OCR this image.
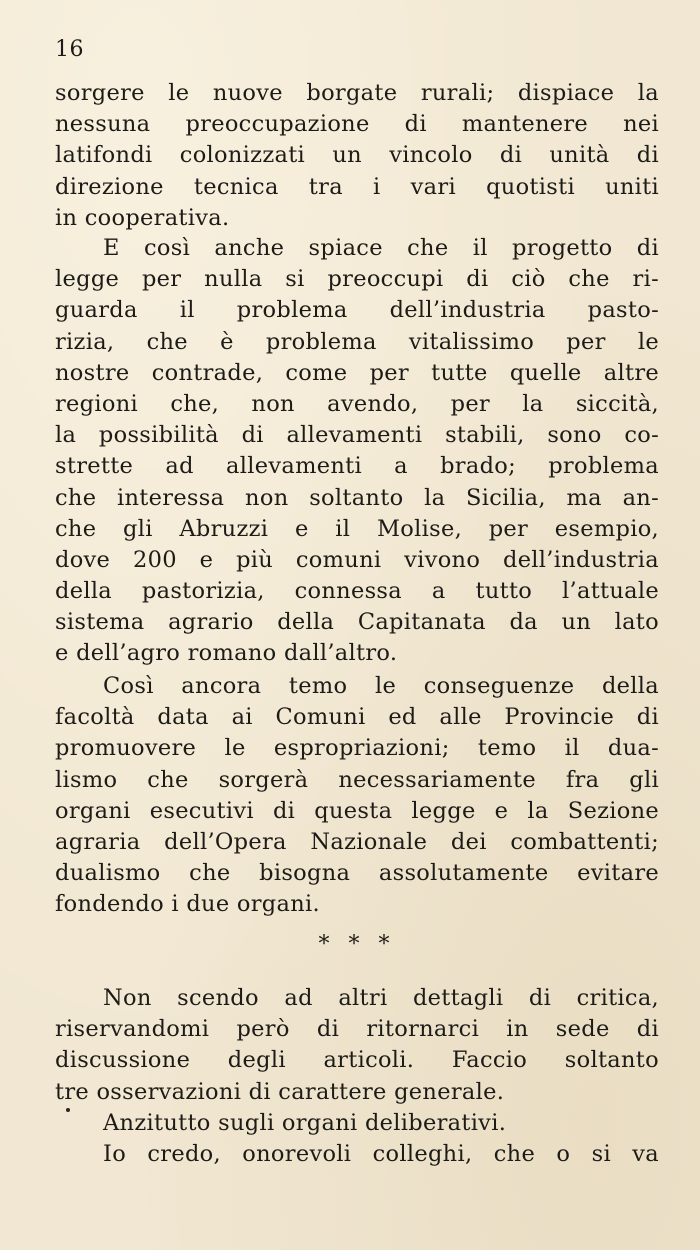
16
sorgere le nuove borgate rurali; dispiace la
nessuna preoccupazione di mantenere nei
latifondi colonizzati un vincolo di unità di
direzione tecnica tra i vari quotisti uniti
in cooperativa.
E così anche spiace che il progetto di
legge per nulla si preoccupi di ciò che ri-
guarda il problema dell’industria pasto-
rizia, che è problema vitalissimo per le
nostre contrade, come per tutte quelle altre
regioni che, non avendo, per la siccità,
la possibilità di allevamenti stabili, sono co-
strette ad allevamenti a brado; problema
che interessa non soltanto la Sicilia, ma an-
che gli Abruzzi e il Molise, per esempio,
dove 200 e più comuni vivono dell’industria
della pastorizia, connessa a tutto l’attuale
sistema agrario della Capitanata da un lato
e dell’agro romano dall’altro.
Così ancora temo le conseguenze della
facoltà data ai Comuni ed alle Provincie di
promuovere le espropriazioni; temo il dua-
lismo che sorgerà necessariamente fra gli
organi esecutivi di questa legge e la Sezione
agraria dell’Opera Nazionale dei combattenti;
dualismo che bisogna assolutamente evitare
fondendo i due organi.
* * *
Non scendo ad altri dettagli di critica,
riservandomi però di ritornarci in sede di
discussione degli articoli. Faccio soltanto
tre osservazioni di carattere generale.
Anzitutto sugli organi deliberativi.
Io credo, onorevoli colleghi, che o si va
